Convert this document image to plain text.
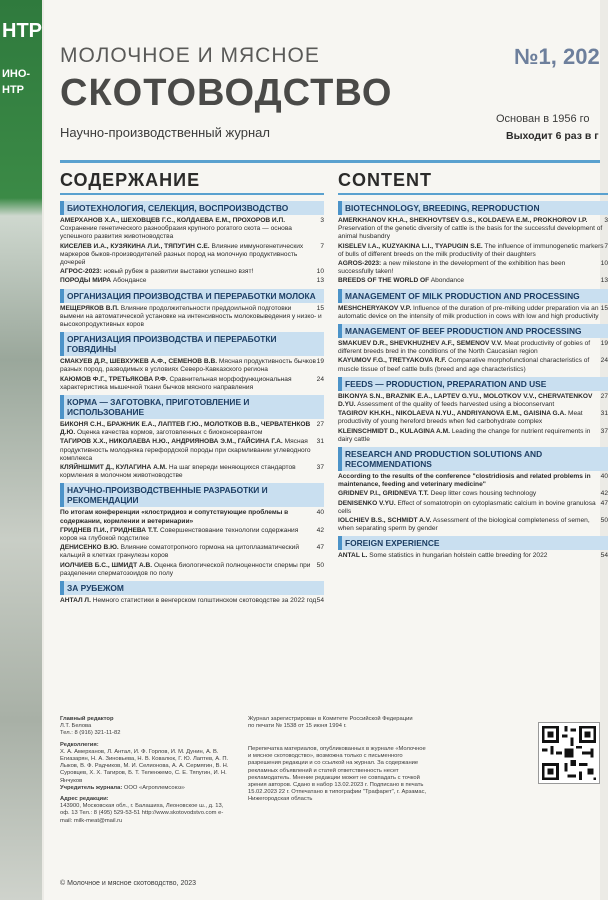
НТР
ИНО-
НТР
МОЛОЧНОЕ И МЯСНОЕ
СКОТОВОДСТВО
Научно-производственный журнал
№1, 202
Основан в 1956 го
Выходит 6 раз в г
СОДЕРЖАНИЕ
БИОТЕХНОЛОГИЯ, СЕЛЕКЦИЯ, ВОСПРОИЗВОДСТВО
3
АМЕРХАНОВ Х.А., ШЕХОВЦЕВ Г.С., КОЛДАЕВА Е.М., ПРОХОРОВ И.П. Сохранение генетического разнообразия крупного рогатого скота — основа успешного развития животноводства
7
КИСЕЛЕВ И.А., КУЗЯКИНА Л.И., ТЯПУГИН С.Е. Влияние иммуногенетических маркеров быков-производителей разных пород на молочную продуктивность дочерей
10
АГРОС-2023: новый рубеж в развитии выставки успешно взят!
13
ПОРОДЫ МИРА Абондансе
ОРГАНИЗАЦИЯ ПРОИЗВОДСТВА И ПЕРЕРАБОТКИ МОЛОКА
15
МЕЩЕРЯКОВ В.П. Влияние продолжительности преддоильной подготовки вымени на автоматической установке на интенсивность молоковыведения у низко- и высокопродуктивных коров
ОРГАНИЗАЦИЯ ПРОИЗВОДСТВА И ПЕРЕРАБОТКИ ГОВЯДИНЫ
19
СМАКУЕВ Д.Р., ШЕВХУЖЕВ А.Ф., СЕМЕНОВ В.В. Мясная продуктивность бычков разных пород, разводимых в условиях Северо-Кавказского региона
24
КАЮМОВ Ф.Г., ТРЕТЬЯКОВА Р.Ф. Сравнительная морфофункциональная характеристика мышечной ткани бычков мясного направления
КОРМА — ЗАГОТОВКА, ПРИГОТОВЛЕНИЕ И ИСПОЛЬЗОВАНИЕ
27
БИКОНЯ С.Н., БРАЖНИК Е.А., ЛАПТЕВ Г.Ю., МОЛОТКОВ В.В., ЧЕРВАТЕНКОВ Д.Ю. Оценка качества кормов, заготовленных с биоконсервантом
31
ТАГИРОВ Х.Х., НИКОЛАЕВА Н.Ю., АНДРИЯНОВА Э.М., ГАЙСИНА Г.А. Мясная продуктивность молодняка герефордской породы при скармливании углеводного комплекса
37
КЛЯЙНШМИТ Д., КУЛАГИНА А.М. На шаг впереди меняющихся стандартов кормления в молочном животноводстве
НАУЧНО-ПРОИЗВОДСТВЕННЫЕ РАЗРАБОТКИ И РЕКОМЕНДАЦИИ
40
По итогам конференции «клостридиоз и сопутствующие проблемы в содержании, кормлении и ветеринарии»
42
ГРИДНЕВ П.И., ГРИДНЕВА Т.Т. Совершенствование технологии содержания коров на глубокой подстилке
47
ДЕНИСЕНКО В.Ю. Влияние соматотропного гормона на цитоплазматический кальций в клетках гранулезы коров
50
ИОЛЧИЕВ Б.С., ШМИДТ А.В. Оценка биологической полноценности спермы при разделении сперматозоидов по полу
ЗА РУБЕЖОМ
54
АНТАЛ Л. Немного статистики в венгерском голштинском скотоводстве за 2022 год
CONTENT
BIOTECHNOLOGY, BREEDING, REPRODUCTION
3
AMERKHANOV KH.A., SHEKHOVTSEV G.S., KOLDAEVA E.M., PROKHOROV I.P. Preservation of the genetic diversity of cattle is the basis for the successful development of animal husbandry
7
KISELEV I.A., KUZYAKINA L.I., TYAPUGIN S.E. The influence of immunogenetic markers of bulls of different breeds on the milk productivity of their daughters
10
AGROS-2023: a new milestone in the development of the exhibition has been successfully taken!
13
BREEDS OF THE WORLD OF Abondance
MANAGEMENT OF MILK PRODUCTION AND PROCESSING
15
MESHCHERYAKOV V.P. Influence of the duration of pre-milking udder preparation via an automatic device on the intensity of milk production in cows with low and high productivity
MANAGEMENT OF BEEF PRODUCTION AND PROCESSING
19
SMAKUEV D.R., SHEVKHUZHEV A.F., SEMENOV V.V. Meat productivity of gobies of different breeds bred in the conditions of the North Caucasian region
24
KAYUMOV F.G., TRETYAKOVA R.F. Comparative morphofunctional characteristics of muscle tissue of beef cattle bulls (breed and age characteristics)
FEEDS — PRODUCTION, PREPARATION AND USE
27
BIKONYA S.N., BRAZNIK E.A., LAPTEV G.YU., MOLOTKOV V.V., CHERVATENKOV D.YU. Assessment of the quality of feeds harvested using a bioconservant
31
TAGIROV KH.KH., NIKOLAEVA N.YU., ANDRIYANOVA E.M., GAISINA G.A. Meat productivity of young hereford breeds when fed carbohydrate complex
37
KLEINSCHMIDT D., KULAGINA A.M. Leading the change for nutrient requirements in dairy cattle
RESEARCH AND PRODUCTION SOLUTIONS AND RECOMMENDATIONS
40
According to the results of the conference "clostridiosis and related problems in maintenance, feeding and veterinary medicine"
42
GRIDNEV P.I., GRIDNEVA T.T. Deep litter cows housing technology
47
DENISENKO V.YU. Effect of somatotropin on cytoplasmatic calcium in bovine granulosa cells
50
IOLCHIEV B.S., SCHMIDT A.V. Assessment of the biological completeness of semen, when separating sperm by gender
FOREIGN EXPERIENCE
54
ANTAL L. Some statistics in hungarian holstein cattle breeding for 2022
Главный редактор
Л.Т. Белова
Тел.: 8 (916) 321-11-82
Редколлегия:
Х. А. Амерханов, Л. Антал, И. Ф. Горлов, И. М. Дунин, А. В. Егиазарян, Н. А. Зиновьева, Н. В. Ковалюк, Г. Ю. Лаптев, А. П. Лыков, В. Ф. Радчиков, М. И. Селионова, А. А. Сермягин, В. Н. Суровцев, Х. Х. Тагиров, Б. Т. Теленжемо, С. Е. Тяпугин, И. Н. Янчуков
Учредитель журнала: ООО «Агроплемсоюз»
Адрес редакции:
143900, Московская обл., г. Балашиха, Леоновское ш., д. 13, оф. 13 Тел.: 8 (495) 529-53-51 http://www.skotovodstvo.com e-mail: milk-meat@mail.ru
Журнал зарегистрирован в Комитете Российской Федерации по печати № 1538 от 15 июня 1994 г.
Перепечатка материалов, опубликованных в журнале «Молочное и мясное скотоводство», возможна только с письменного разрешения редакции и со ссылкой на журнал. За содержание рекламных объявлений и статей ответственность несет рекламодатель. Мнение редакции может не совпадать с точкой зрения авторов. Сдано в набор 13.02.2023 г. Подписано в печать 15.02.2023 22 г. Отпечатано в типографии "Трафарет", г. Арзамас, Нижегородская область
© Молочное и мясное скотоводство, 2023
